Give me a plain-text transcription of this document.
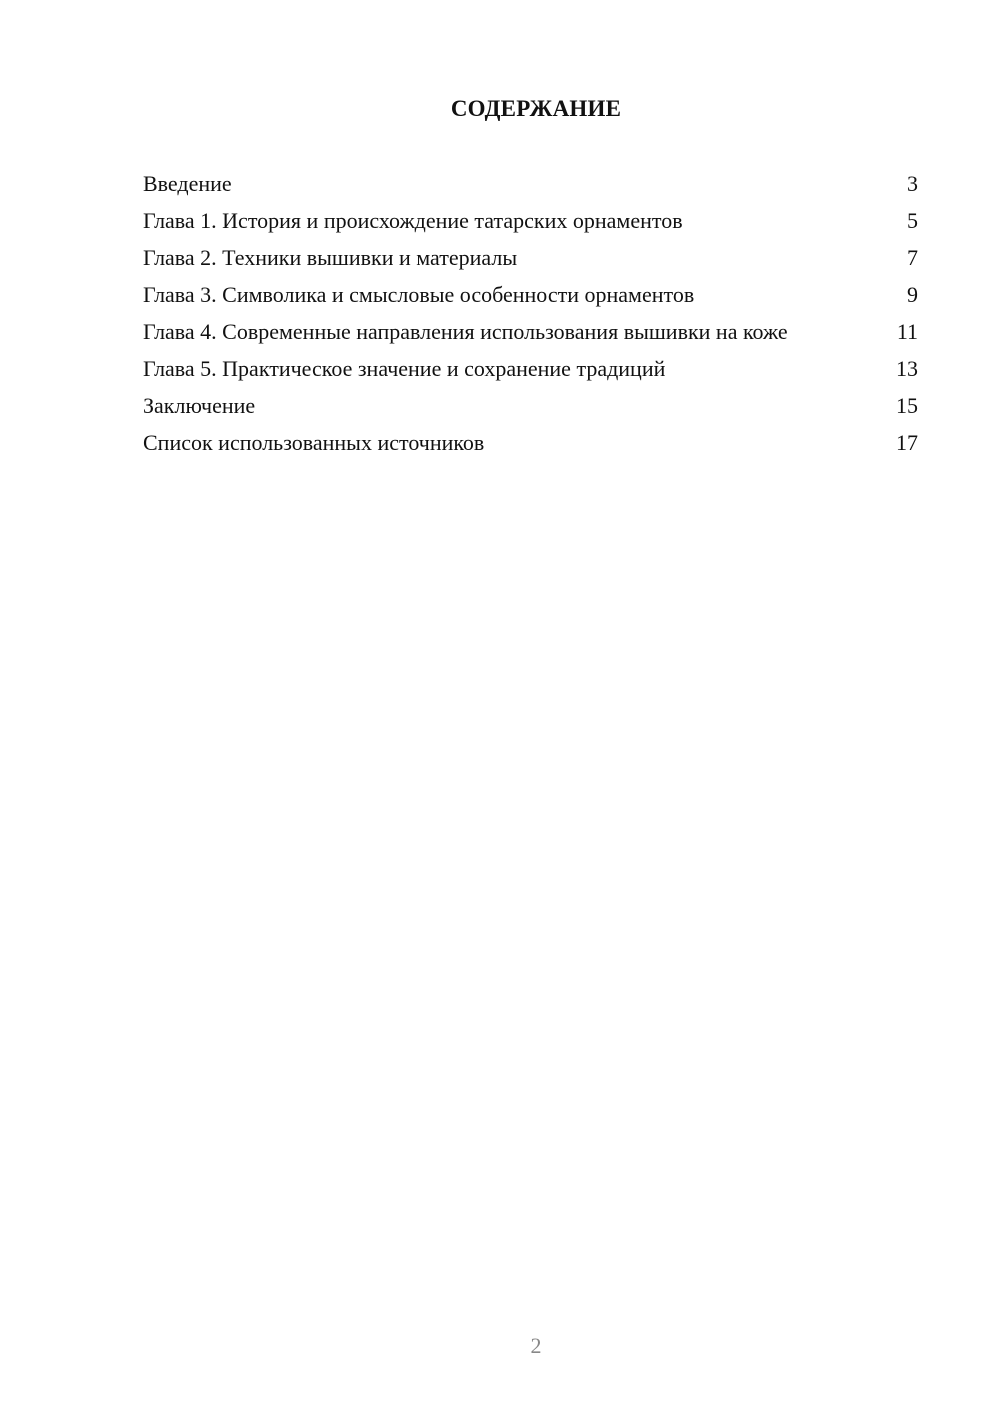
СОДЕРЖАНИЕ
Введение	3
Глава 1. История и происхождение татарских орнаментов	5
Глава 2. Техники вышивки и материалы	7
Глава 3. Символика и смысловые особенности орнаментов	9
Глава 4. Современные направления использования вышивки на коже	11
Глава 5. Практическое значение и сохранение традиций	13
Заключение	15
Список использованных источников	17
2
